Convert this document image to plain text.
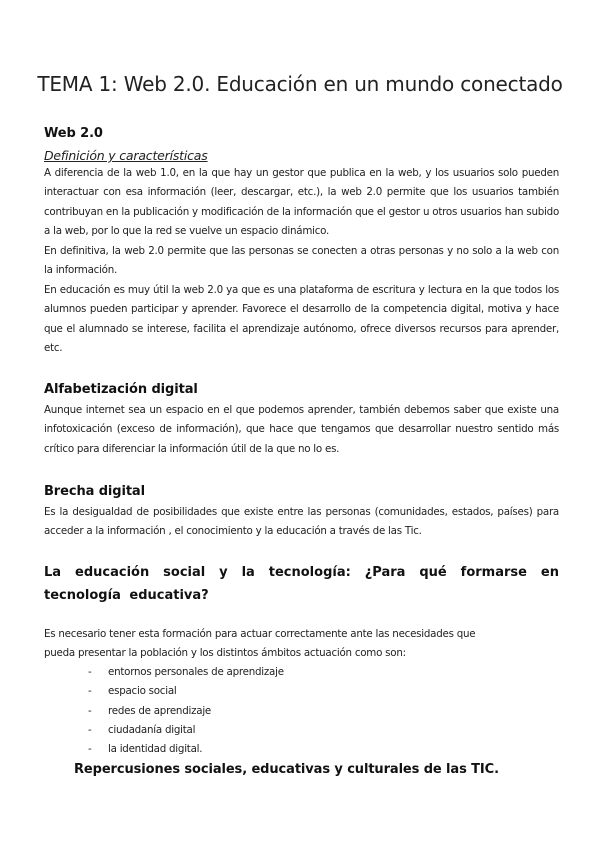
TEMA 1: Web 2.0. Educación en un mundo conectado
Web 2.0
Definición y características

A diferencia de la web 1.0, en la que hay un gestor que publica en la web, y los usuarios solo pueden interactuar con esa información (leer, descargar, etc.), la web 2.0 permite que los usuarios también contribuyan en la publicación y modificación de la información que el gestor u otros usuarios han subido a la web, por lo que la red se vuelve un espacio dinámico.

En definitiva, la web 2.0 permite que las personas se conecten a otras personas y no solo a la web con la información.

En educación es muy útil la web 2.0 ya que es una plataforma de escritura y lectura en la que todos los alumnos pueden participar y aprender. Favorece el desarrollo de la competencia digital, motiva y hace que el alumnado se interese, facilita el aprendizaje autónomo, ofrece diversos recursos para aprender, etc.

Alfabetización digital

Aunque internet sea un espacio en el que podemos aprender, también debemos saber que existe una infotoxicación (exceso de información), que hace que tengamos que desarrollar nuestro sentido más crítico para diferenciar la información útil de la que no lo es.

Brecha digital

Es la desigualdad de posibilidades que existe entre las personas (comunidades, estados, países) para acceder a la información , el conocimiento y la educación a través de las Tic.

La educación social y la tecnología: ¿Para qué formarse en tecnología educativa?

Es necesario tener esta formación para actuar correctamente ante las necesidades que

pueda presentar la población y los distintos ámbitos actuación como son:

-	entornos personales de aprendizaje
-	espacio social
-	redes de aprendizaje
-	ciudadanía digital
-	la identidad digital.
Repercusiones sociales, educativas y culturales de las TIC.
